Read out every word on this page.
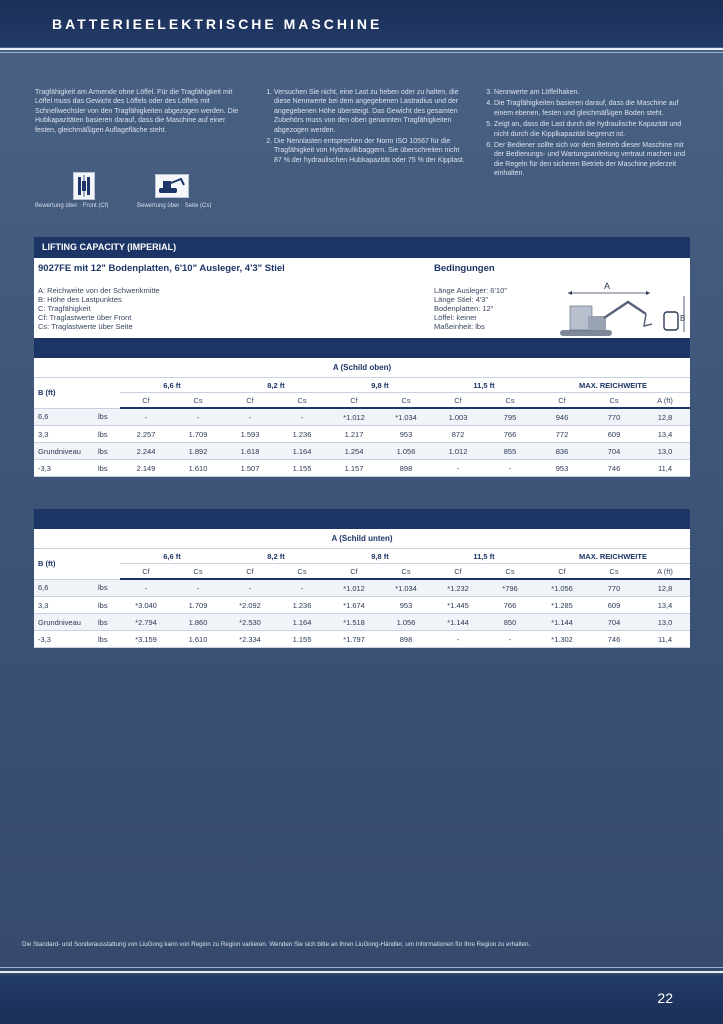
BATTERIEELEKTRISCHE MASCHINE
Tragfähigkeit am Armende ohne Löffel. Für die Tragfähigkeit mit Löffel muss das Gewicht des Löffels oder des Löffels mit Schnellwechsler von den Tragfähigkeiten abgezogen werden. Die Hubkapazitäten basieren darauf, dass die Maschine auf einer festen, gleichmäßigen Auflagefläche steht.
1. Versuchen Sie nicht, eine Last zu heben oder zu halten, die diese Nennwerte bei dem angegebenen Lastradius und der angegebenen Höhe übersteigt. Das Gewicht des gesamten Zubehörs muss von den oben genannten Tragfähigkeiten abgezogen werden.
2. Die Nennlasten entsprechen der Norm ISO 10567 für die Tragfähigkeit von Hydraulikbaggern. Sie überschreiten nicht 87 % der hydraulischen Hubkapazität oder 75 % der Kipplast.
3. Nennwerte am Löffelhaken.
4. Die Tragfähigkeiten basieren darauf, dass die Maschine auf einem ebenen, festen und gleichmäßigen Boden steht.
5. Zeigt an, dass die Last durch die hydraulische Kapazität und nicht durch die Kipplkapazität begrenzt ist.
6. Der Bediener sollte sich vor dem Betrieb dieser Maschine mit der Bedienungs- und Wartungsanleitung vertraut machen und die Regeln für den sicheren Betrieb der Maschine jederzeit einhalten.
Bewertung über · Front (Cf)	Bewertung über · Seite (Cs)
LIFTING CAPACITY (IMPERIAL)
9027FE mit 12" Bodenplatten, 6'10" Ausleger, 4'3" Stiel
A: Reichweite von der Schwenkmitte
B: Höhe des Lastpunktes
C: Tragfähigkeit
Cf: Traglastwerte über Front
Cs: Traglastwerte über Seite
Bedingungen
Länge Ausleger: 6'10"
Länge Stiel: 4'3"
Bodenplatten: 12"
Löffel: keiner
Maßeinheit: lbs
A
B
A (Schild oben)												
B (ft)		6,6 ft		8,2 ft		9,8 ft		11,5 ft		MAX. REICHWEITE		
		Cf	Cs	Cf	Cs	Cf	Cs	Cf	Cs	Cf	Cs	A (ft)
6,6	lbs	-	-	-	-	*1.012	*1.034	1.003	795	946	770	12,8
3,3	lbs	2.257	1.709	1.593	1.236	1.217	953	872	766	772	609	13,4
Grundniveau	lbs	2.244	1.892	1.618	1.164	1.254	1.056	1.012	855	836	704	13,0
-3,3	lbs	2.149	1.610	1.507	1.155	1.157	898	-	-	953	746	11,4
A (Schild unten)												
B (ft)		6,6 ft		8,2 ft		9,8 ft		11,5 ft		MAX. REICHWEITE		
		Cf	Cs	Cf	Cs	Cf	Cs	Cf	Cs	Cf	Cs	A (ft)
6,6	lbs	-	-	-	-	*1.012	*1.034	*1.232	*796	*1.056	770	12,8
3,3	lbs	*3.040	1.709	*2.092	1.236	*1.674	953	*1.445	766	*1.285	609	13,4
Grundniveau	lbs	*2.794	1.860	*2.530	1.164	*1.518	1.056	*1.144	850	*1.144	704	13,0
-3,3	lbs	*3.159	1.610	*2.334	1.155	*1.797	898	-	-	*1.302	746	11,4
Die Standard- und Sonderausstattung von LiuGong kann von Region zu Region variieren. Wenden Sie sich bitte an Ihren LiuGong-Händler, um Informationen für Ihre Region zu erhalten.
22
